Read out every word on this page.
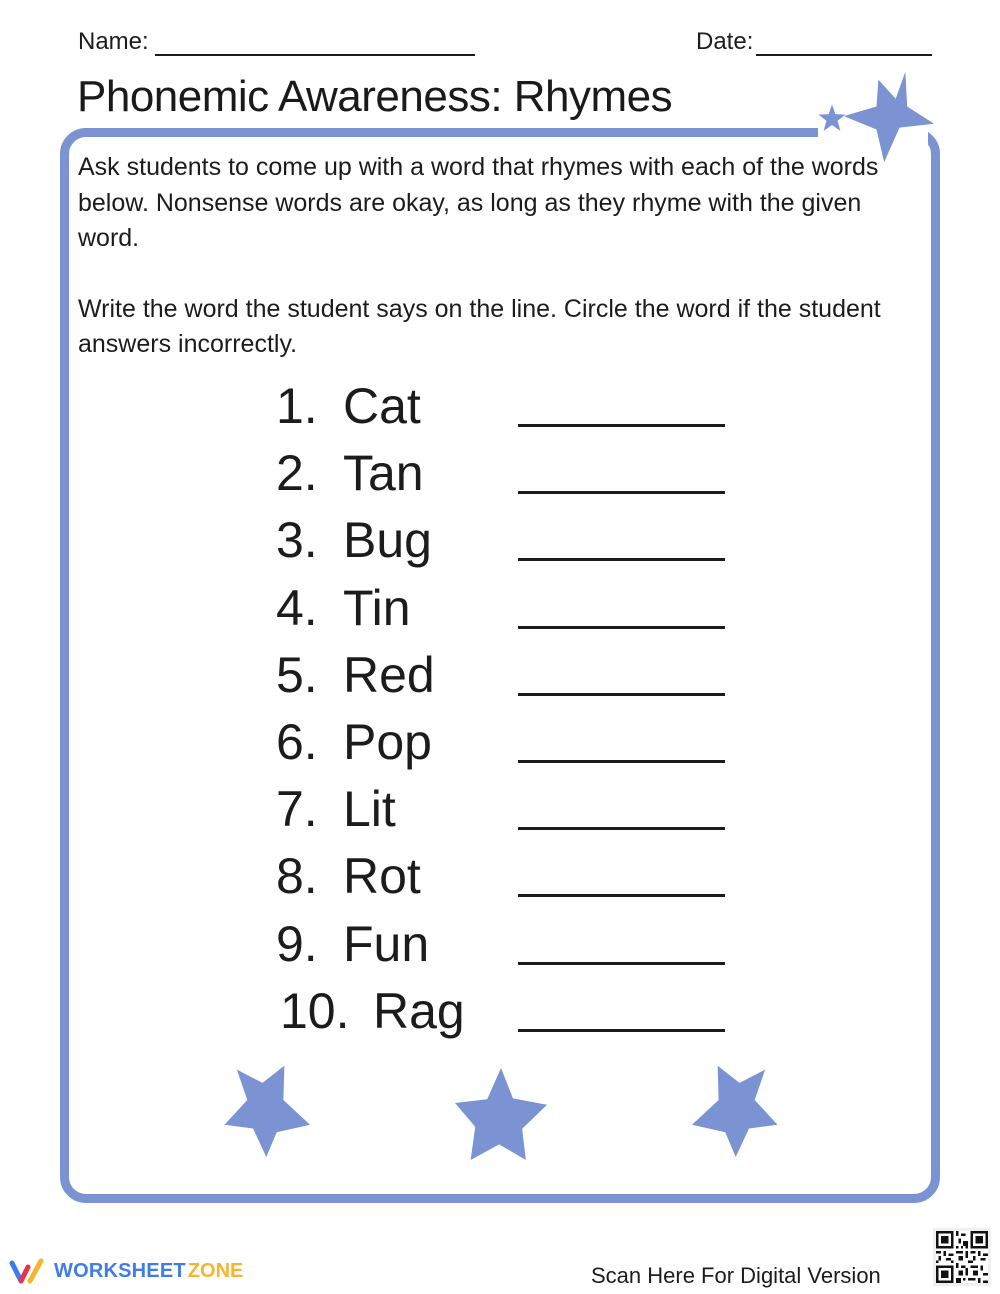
Name:	Date:
Phonemic Awareness: Rhymes

Ask students to come up with a word that rhymes with each of the words below. Nonsense words are okay, as long as they rhyme with the given word.

Write the word the student says on the line. Circle the word if the student answers incorrectly.

1. Cat
2. Tan
3. Bug
4. Tin
5. Red
6. Pop
7. Lit
8. Rot
9. Fun
10. Rag
WORKSHEET ZONE	Scan Here For Digital Version
